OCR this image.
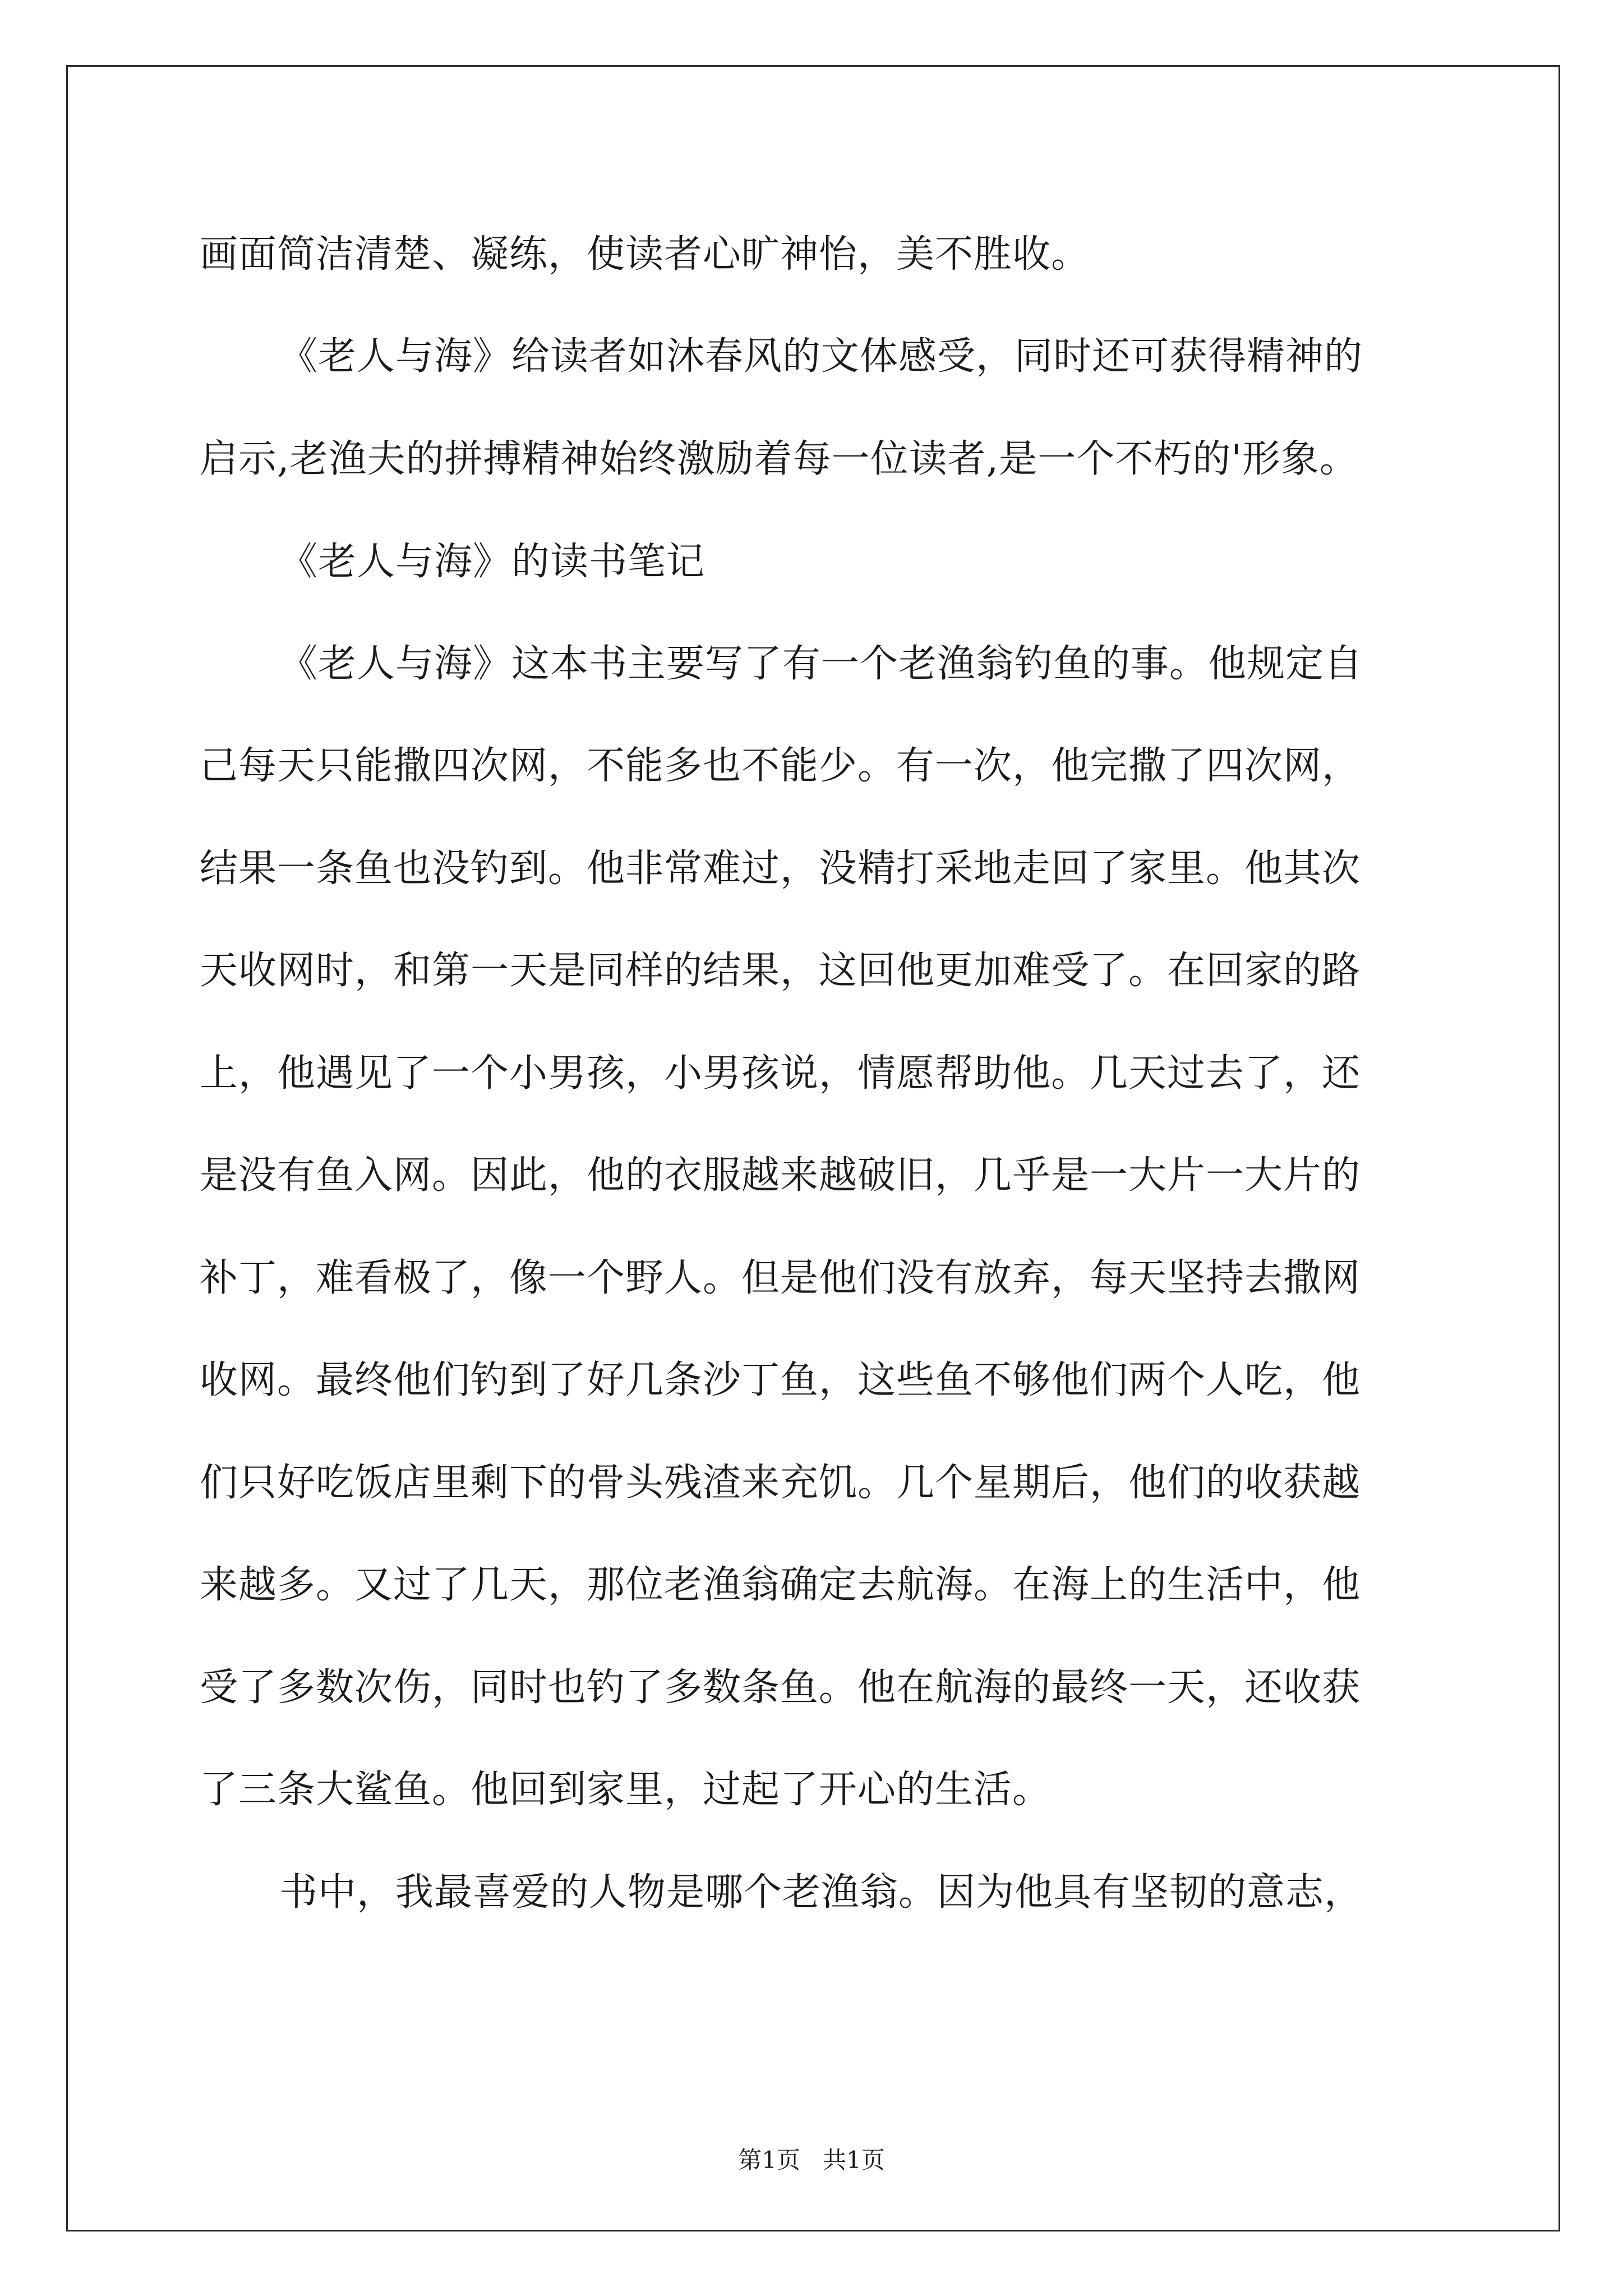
画面简洁清楚、凝练，使读者心旷神怡，美不胜收。
《老人与海》给读者如沐春风的文体感受，同时还可获得精神的
启示,老渔夫的拼搏精神始终激励着每一位读者,是一个不朽的'形象。
《老人与海》的读书笔记
《老人与海》这本书主要写了有一个老渔翁钓鱼的事。他规定自
己每天只能撒四次网，不能多也不能少。有一次，他完撒了四次网，
结果一条鱼也没钓到。他非常难过，没精打采地走回了家里。他其次
天收网时，和第一天是同样的结果，这回他更加难受了。在回家的路
上，他遇见了一个小男孩，小男孩说，情愿帮助他。几天过去了，还
是没有鱼入网。因此，他的衣服越来越破旧，几乎是一大片一大片的
补丁，难看极了，像一个野人。但是他们没有放弃，每天坚持去撒网
收网。最终他们钓到了好几条沙丁鱼，这些鱼不够他们两个人吃，他
们只好吃饭店里剩下的骨头残渣来充饥。几个星期后，他们的收获越
来越多。又过了几天，那位老渔翁确定去航海。在海上的生活中，他
受了多数次伤，同时也钓了多数条鱼。他在航海的最终一天，还收获
了三条大鲨鱼。他回到家里，过起了开心的生活。
书中，我最喜爱的人物是哪个老渔翁。因为他具有坚韧的意志，
第1页   共1页
